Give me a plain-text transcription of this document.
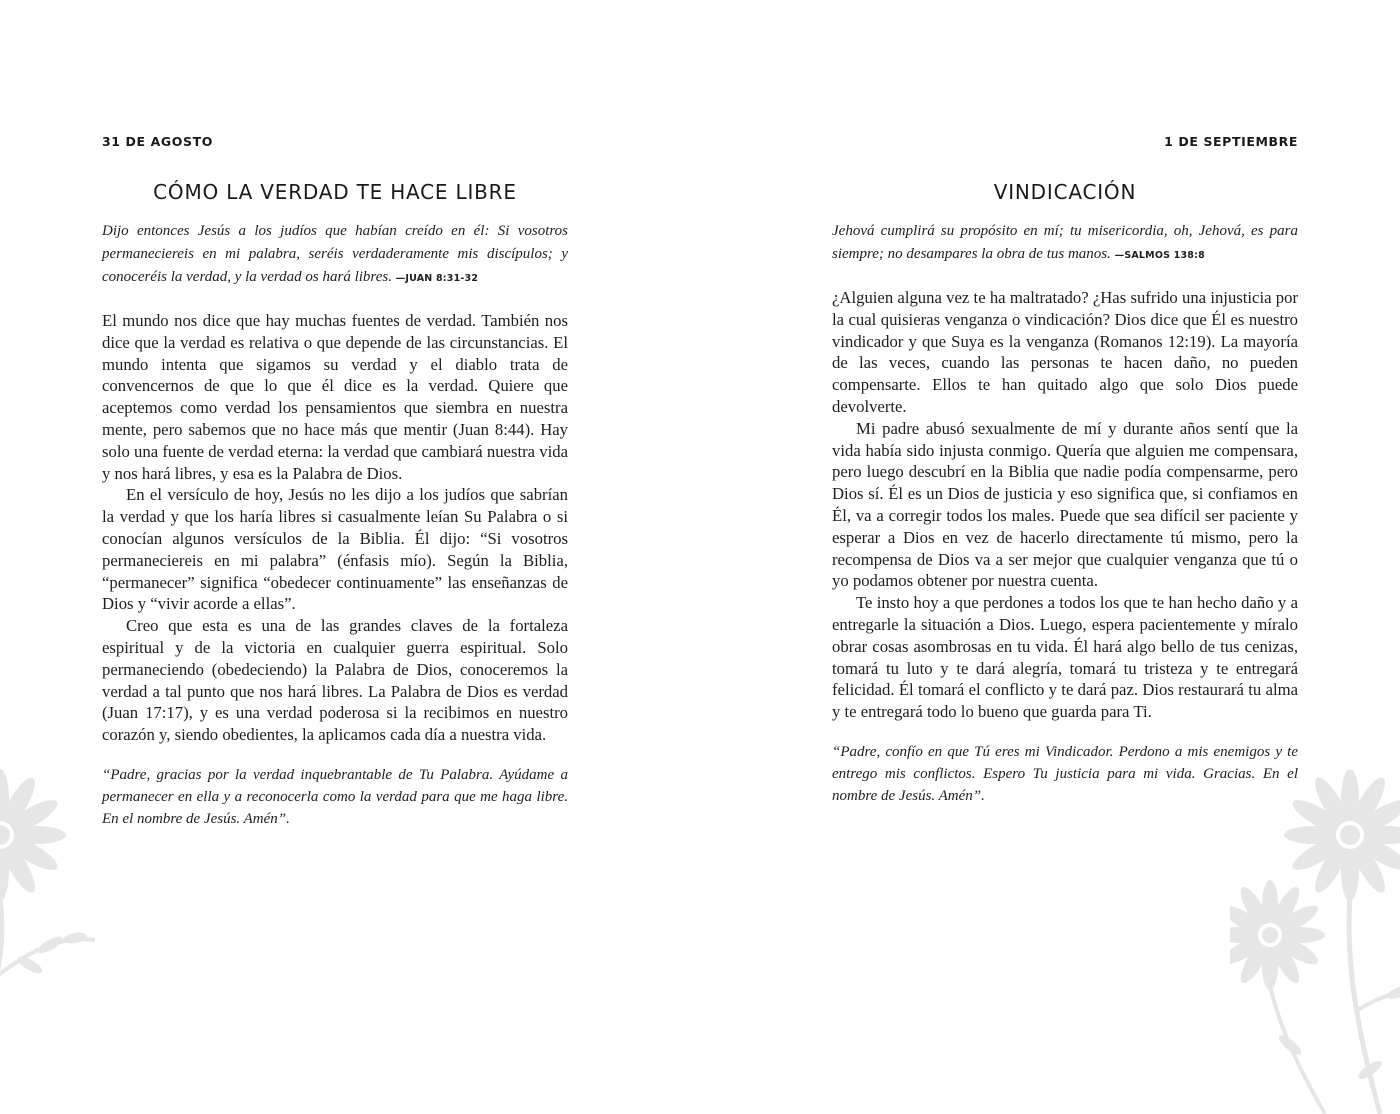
31 DE AGOSTO
CÓMO LA VERDAD TE HACE LIBRE

Dijo entonces Jesús a los judíos que habían creído en él: Si vosotros permaneciereis en mi palabra, seréis verdaderamente mis discípulos; y conoceréis la verdad, y la verdad os hará libres. —JUAN 8:31-32

El mundo nos dice que hay muchas fuentes de verdad. También nos dice que la verdad es relativa o que depende de las circunstancias. El mundo intenta que sigamos su verdad y el diablo trata de convencernos de que lo que él dice es la verdad. Quiere que aceptemos como verdad los pensamientos que siembra en nuestra mente, pero sabemos que no hace más que mentir (Juan 8:44). Hay solo una fuente de verdad eterna: la verdad que cambiará nuestra vida y nos hará libres, y esa es la Palabra de Dios.

En el versículo de hoy, Jesús no les dijo a los judíos que sabrían la verdad y que los haría libres si casualmente leían Su Palabra o si conocían algunos versículos de la Biblia. Él dijo: “Si vosotros permaneciereis en mi palabra” (énfasis mío). Según la Biblia, “permanecer” significa “obedecer continuamente” las enseñanzas de Dios y “vivir acorde a ellas”.

Creo que esta es una de las grandes claves de la fortaleza espiritual y de la victoria en cualquier guerra espiritual. Solo permaneciendo (obedeciendo) la Palabra de Dios, conoceremos la verdad a tal punto que nos hará libres. La Palabra de Dios es verdad (Juan 17:17), y es una verdad poderosa si la recibimos en nuestro corazón y, siendo obedientes, la aplicamos cada día a nuestra vida.

“Padre, gracias por la verdad inquebrantable de Tu Palabra. Ayúdame a permanecer en ella y a reconocerla como la verdad para que me haga libre. En el nombre de Jesús. Amén”.

1 DE SEPTIEMBRE
VINDICACIÓN

Jehová cumplirá su propósito en mí; tu misericordia, oh, Jehová, es para siempre; no desampares la obra de tus manos. —SALMOS 138:8

¿Alguien alguna vez te ha maltratado? ¿Has sufrido una injusticia por la cual quisieras venganza o vindicación? Dios dice que Él es nuestro vindicador y que Suya es la venganza (Romanos 12:19). La mayoría de las veces, cuando las personas te hacen daño, no pueden compensarte. Ellos te han quitado algo que solo Dios puede devolverte.

Mi padre abusó sexualmente de mí y durante años sentí que la vida había sido injusta conmigo. Quería que alguien me compensara, pero luego descubrí en la Biblia que nadie podía compensarme, pero Dios sí. Él es un Dios de justicia y eso significa que, si confiamos en Él, va a corregir todos los males. Puede que sea difícil ser paciente y esperar a Dios en vez de hacerlo directamente tú mismo, pero la recompensa de Dios va a ser mejor que cualquier venganza que tú o yo podamos obtener por nuestra cuenta.

Te insto hoy a que perdones a todos los que te han hecho daño y a entregarle la situación a Dios. Luego, espera pacientemente y míralo obrar cosas asombrosas en tu vida. Él hará algo bello de tus cenizas, tomará tu luto y te dará alegría, tomará tu tristeza y te entregará felicidad. Él tomará el conflicto y te dará paz. Dios restaurará tu alma y te entregará todo lo bueno que guarda para Ti.

“Padre, confío en que Tú eres mi Vindicador. Perdono a mis enemigos y te entrego mis conflictos. Espero Tu justicia para mi vida. Gracias. En el nombre de Jesús. Amén”.
